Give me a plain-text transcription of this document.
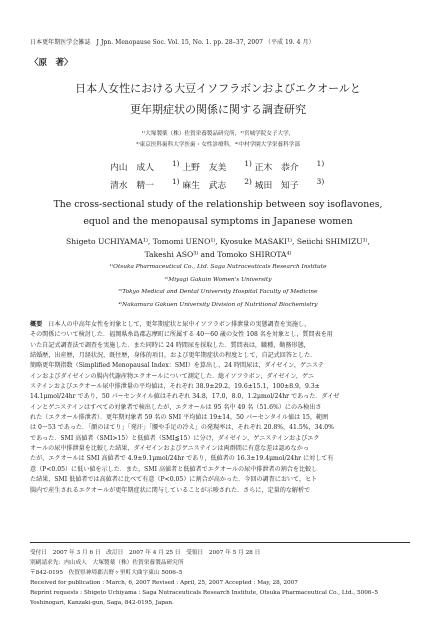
日本更年期医学会雑誌　J Jpn. Menopause Soc. Vol. 15, No. 1. pp. 28–37, 2007 （平成 19. 4 月）
〈原　著〉
日本人女性における大豆イソフラボンおよびエクオールと
更年期症状の関係に関する調査研究
¹⁾大塚製薬（株）佐賀栄養製品研究所，²⁾宮城学院女子大学，
³⁾東京医科歯科大学医歯・女性診療科，⁴⁾中村学園大学栄養科学部
内山　成人 $^{1)}$ 上野　友美 $^{1)}$ 正木　恭介 $^{1)}$
清水　精一 $^{1)}$ 麻生　武志 $^{2)}$ 城田　知子 $^{3)}$
The cross-sectional study of the relationship between soy isoflavones,
equol and the menopausal symptoms in Japanese women
Shigeto UCHIYAMA¹⁾, Tomomi UENO¹⁾, Kyosuke MASAKI¹⁾, Seiichi SHIMIZU¹⁾,
Takeshi ASO³⁾ and Tomoko SHIROTA⁴⁾
¹⁾Otsuka Pharmaceutical Co., Ltd. Saga Nutraceuticals Research Institute
²⁾Miyagi Gakuin Women's University
³⁾Tokyo Medical and Dental University Hospital Faculty of Medicine
⁴⁾Nakamura Gakuen University Division of Nutritional Biochemistry
概要　 日本人の中高年女性を対象として，更年期症状と尿中イソフラボン排泄量の実態調査を実施し，
その関係について検討した．福岡県糸島郡志摩町に所属する 40〜60 歳の女性 108 名を対象とし，質問表を用
いた自記式調査法で調査を実施した．また同時に 24 時間尿を採取した．質問表は，職種，勤務形態，
結婚歴，出産歴，月経状況，既往歴，身体的項目，および更年期症状の程度として，自記式回答とした．
簡略更年期指数（Simplified Menopausal Index：SMI）を算出し，24 時間尿は，ダイゼイン，ゲニステ
インおよびダイゼインの腸内代謝産物エクオールについて測定した．総イソフラボン，ダイゼイン，ゲニ
ステインおよびエクオール尿中排泄量の平均値は，それぞれ 38.9±29.2，19.6±15.1，100±8.9，9.3±
14.1μmol/24hr であり，50 パーセンタイル値はそれぞれ 34.8，17.0，8.0，1.2μmol/24hr であった．ダイゼ
インとゲニステインはすべての対象者で検出したが，エクオールは 95 名中 49 名（51.6%）にのみ検出さ
れた（エクオール排泄者）．更年期対象者 59 名の SMI 平均値は 19±14，50 パーセンタイル値は 15，範囲
は 0〜53 であった．「顔のほてり」「発汗」「腰や手足の冷え」の発現率は，それぞれ 20.8%，41.5%，34.0%
であった．SMI 高値者（SMI>15）と低値者（SMI≦15）に分け，ダイゼイン，ゲニステインおよびエク
オールの尿中排泄量を比較した結果，ダイゼインおよびゲニステインは両群間に有意な差は認めなかっ
たが，エクオールは SMI 高値者で 4.9±9.1μmol/24hr であり，低値者の 16.3±19.4μmol/24hr に対して有
意（P<0.05）に低い値を示した．また，SMI 高値者と低値者でエクオールの尿中排泄者の割合を比較し
た結果，SMI 低値者では高値者に比べて有意（P<0.05）に割合が高かった．今回の調査において，ヒト
腸内で産生されるエクオールが更年期症状に関与していることが示唆された．さらに，定量的な解析で
受付日　2007 年 3 月 6 日　改訂日　2007 年 4 月 25 日　受領日　2007 年 5 月 28 日
別刷請求先：内山成人　大塚製薬（株）佐賀栄養製品研究所
〒842-0195　佐賀県神埼郡吉野ヶ里町大曲字東山 5006–5
Received for publication : March, 6, 2007 Revised : April, 25, 2007 Accepted : May, 28, 2007
Reprint requests : Shigeto Uchiyama : Saga Nutraceuticals Research Institute, Otsuka Pharmaceutical Co., Ltd., 5006–5
Yoshinogari, Kanzaki-gun, Saga, 842-0195, Japan.
